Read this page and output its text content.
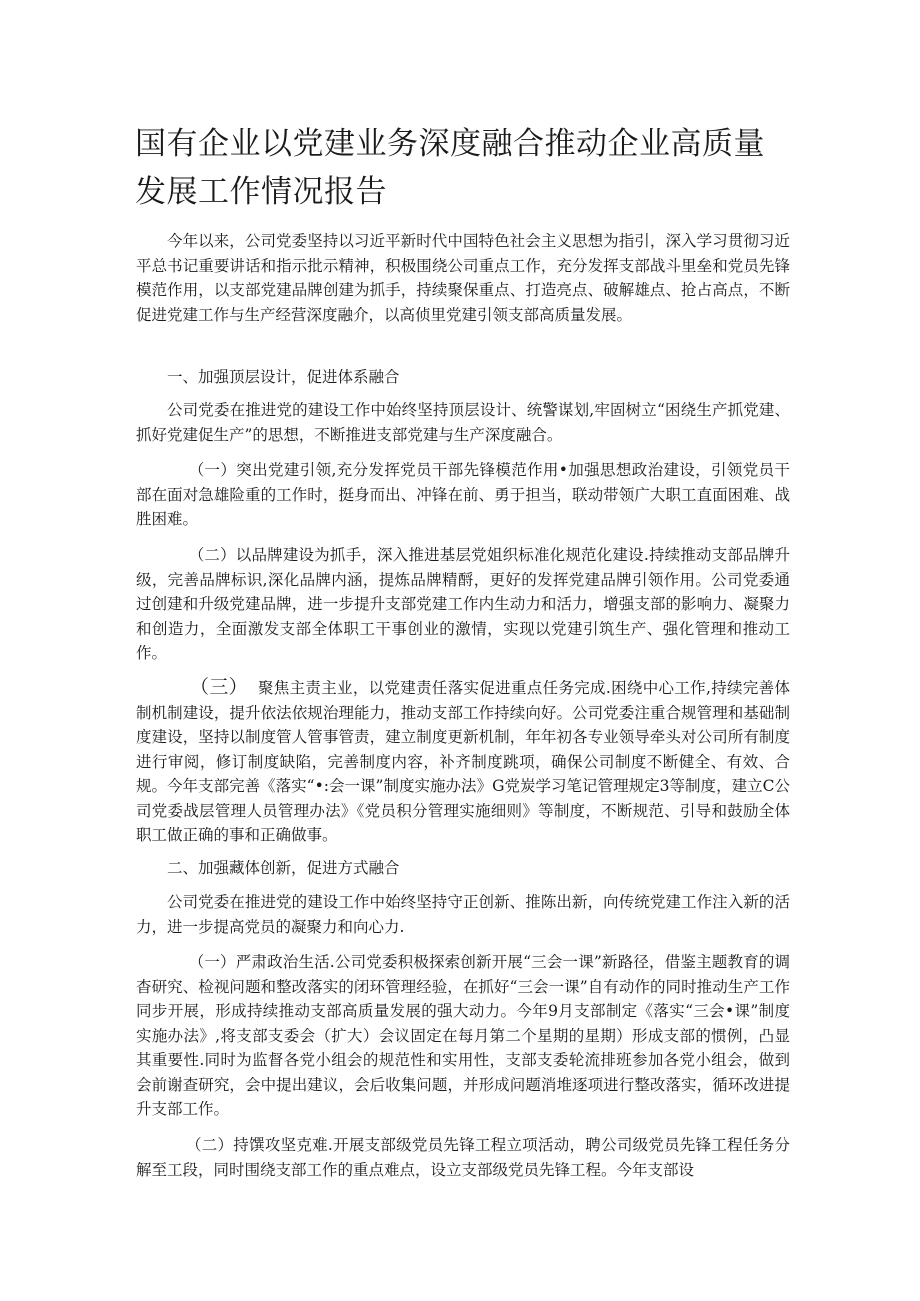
国有企业以党建业务深度融合推动企业高质量发展工作情况报告

今年以来，公司党委坚持以习近平新时代中国特色社会主义思想为指引，深入学习贯彻习近平总书记重要讲话和指示批示精神，积极围绕公司重点工作，充分发挥支部战斗里垒和党员先锋模范作用，以支部党建品牌创建为抓手，持续聚保重点、打造亮点、破解雄点、抢占高点，不断促进党建工作与生产经营深度融介，以高侦里党建引领支部高质量发展。

一、加强顶层设计，促进体系融合

公司党委在推进党的建设工作中始终坚持顶层设计、统警谋划,牢固树立“困绕生产抓党建、抓好党建促生产”的思想，不断推进支部党建与生产深度融合。

（一）突出党建引领,充分发挥党员干部先锋模范作用•加强思想政治建设，引领党员干部在面对急雄险重的工作时，挺身而出、冲锋在前、勇于担当，联动带领广大职工直面困难、战胜困难。

（二）以品牌建设为抓手，深入推进基层党姐织标准化规范化建设.持续推动支部品牌升级，完善品牌标识,深化品牌内涵，提炼品牌精酹，更好的发挥党建品牌引领作用。公司党委通过创建和升级党建品牌，进一步提升支部党建工作内生动力和活力，增强支部的影响力、凝聚力和创造力，全面激发支部全体职工干事创业的激情，实现以党建引筑生产、强化管理和推动工作。

（三） 聚焦主责主业，以党建责任落实促进重点任务完成.困绕中心工作,持续完善体制机制建设，提升依法依规治理能力，推动支部工作持续向好。公司党委注重合规管理和基础制度建设，坚持以制度管人管事管责，建立制度更新机制，年年初各专业领导牵头对公司所有制度进行审阅，修订制度缺陷，完善制度内容，补齐制度跳项，确保公司制度不断健全、有效、合规。今年支部完善《落实“•:会一课”制度实施办法》G党炭学习笔记管理规定3等制度，建立C公司党委战层管理人员管理办法》《党员积分管理实施细则》等制度，不断规范、引导和鼓励全体职工做正确的事和正确做事。

二、加强藏体创新，促进方式融合

公司党委在推进党的建设工作中始终坚持守正创新、推陈出新，向传统党建工作注入新的活力，进一步提高党员的凝聚力和向心力.

（一）严肃政治生活.公司党委积极探索创新开展“三会一课”新路径，借鉴主题教育的调杳研究、检视问题和整改落实的闭环管理经验，在抓好“三会一课”自有动作的同时推动生产工作同步开展，形成持续推动支部高质量发展的强大动力。今年9月支部制定《落实“三会•课”制度实施办法》,将支部支委会（扩大）会议固定在每月第二个星期的星期）形成支部的惯例，凸显其重要性.同时为监督各党小组会的规范性和实用性，支部支委轮流排班参加各党小组会，做到会前谢查研究，会中提出建议，会后收集问题，并形成问题消堆逐项进行整改落实，循环改进提升支部工作。

（二）持馔攻坚克难.开展支部级党员先锋工程立项活动，聘公司级党员先锋工程任务分解至工段，同时围绕支部工作的重点难点，设立支部级党员先锋工程。今年支部设
